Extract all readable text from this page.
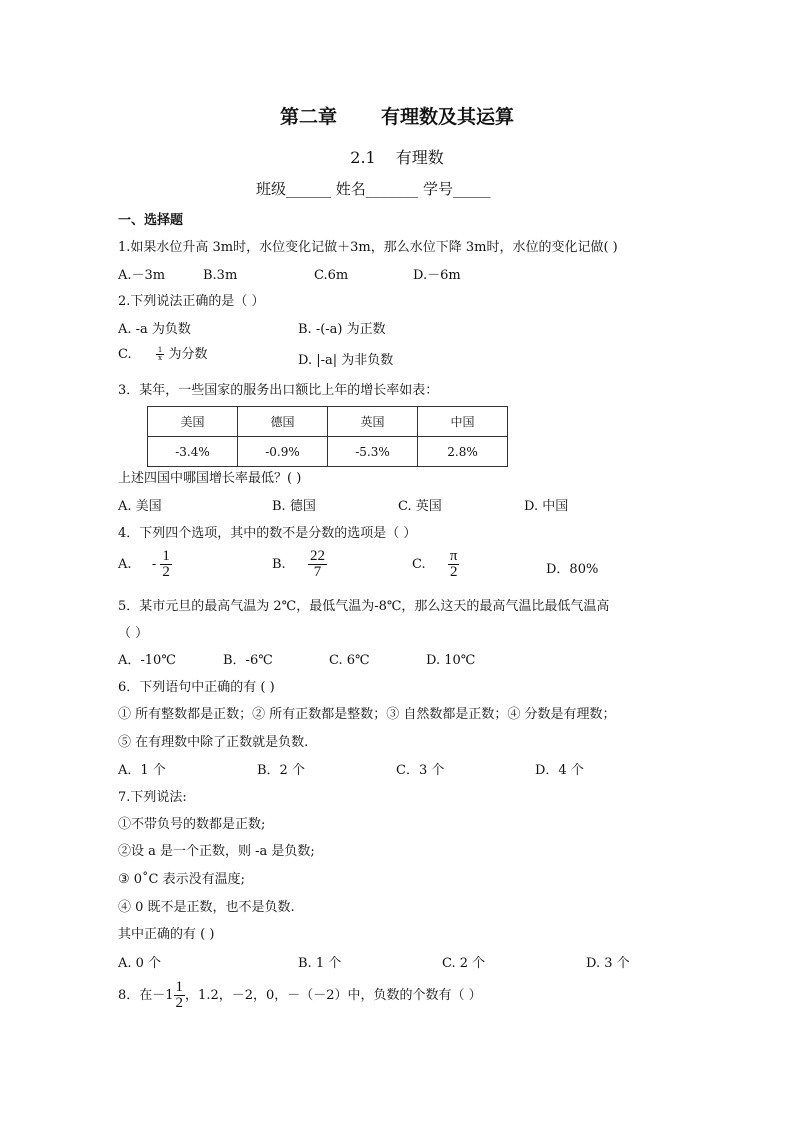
第二章 有理数及其运算
2.1 有理数
班级______ 姓名_______ 学号_____
一、选择题
1.如果水位升高 3m时，水位变化记做＋3m，那么水位下降 3m时，水位的变化记做( )
A.－3m	B.3m	C.6m	D.－6m
2.下列说法正确的是（ ）
A. -a 为负数	B. -(-a) 为正数
C.	$\frac{1}{x}$ 为分数	D. |-a| 为非负数
3．某年，一些国家的服务出口额比上年的增长率如表：
美国	德国	英国	中国
-3.4%	-0.9%	-5.3%	2.8%
上述四国中哪国增长率最低？( )
A. 美国	B. 德国	C. 英国	D. 中国
4．下列四个选项，其中的数不是分数的选项是（ ）
A. - $\frac{1}{2}$	B. $\frac{22}{7}$	C. $\frac{\pi}{2}$	D．80%
5．某市元旦的最高气温为 2℃，最低气温为-8℃，那么这天的最高气温比最低气温高
（ ）
A．-10℃	B．-6℃	C. 6℃	D. 10℃
6．下列语句中正确的有 ( )
① 所有整数都是正数；② 所有正数都是整数；③ 自然数都是正数；④ 分数是有理数；
⑤ 在有理数中除了正数就是负数.
A．1 个	B．2 个	C．3 个	D．4 个
7.下列说法:
①不带负号的数都是正数;
②设 a 是一个正数，则 -a 是负数;
③ 0˚C 表示没有温度;
④ 0 既不是正数，也不是负数.
其中正确的有 ( )
A. 0 个	B. 1 个	C. 2 个	D. 3 个
8．在$-1 \frac{1}{2}$ ，1.2，－2，0，－（－2）中，负数的个数有（ ）
